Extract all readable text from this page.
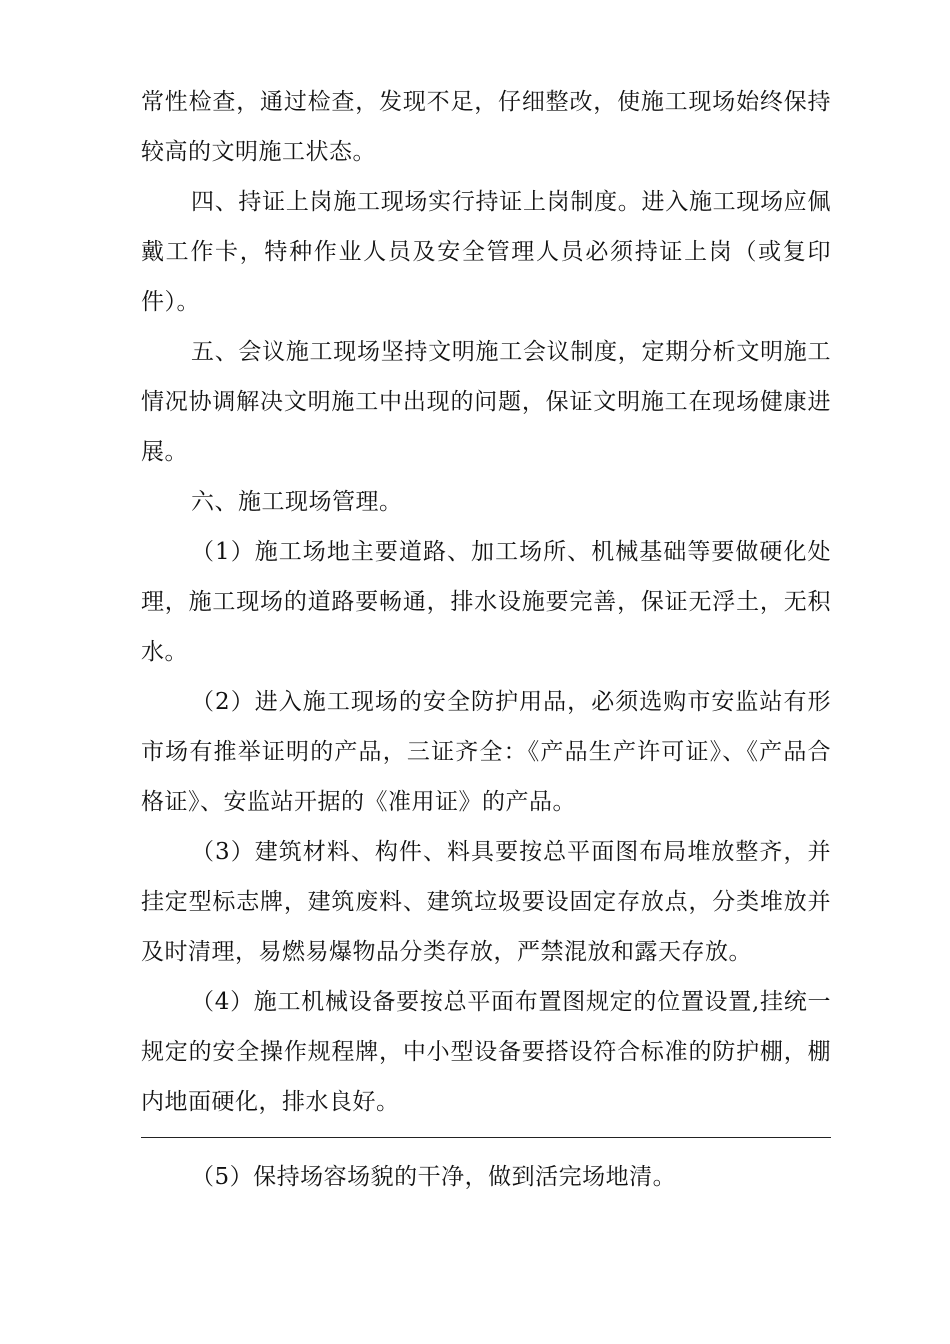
常性检查，通过检查，发现不足，仔细整改，使施工现场始终保持较高的文明施工状态。

四、持证上岗施工现场实行持证上岗制度。进入施工现场应佩戴工作卡，特种作业人员及安全管理人员必须持证上岗（或复印件）。

五、会议施工现场坚持文明施工会议制度，定期分析文明施工情况协调解决文明施工中出现的问题，保证文明施工在现场健康进展。

六、施工现场管理。

（1）施工场地主要道路、加工场所、机械基础等要做硬化处理，施工现场的道路要畅通，排水设施要完善，保证无浮土，无积水。

（2）进入施工现场的安全防护用品，必须选购市安监站有形市场有推举证明的产品，三证齐全：《产品生产许可证》、《产品合格证》、安监站开据的《准用证》的产品。

（3）建筑材料、构件、料具要按总平面图布局堆放整齐，并挂定型标志牌，建筑废料、建筑垃圾要设固定存放点，分类堆放并及时清理，易燃易爆物品分类存放，严禁混放和露天存放。

（4）施工机械设备要按总平面布置图规定的位置设置,挂统一规定的安全操作规程牌，中小型设备要搭设符合标准的防护棚，棚内地面硬化，排水良好。

（5）保持场容场貌的干净，做到活完场地清。
